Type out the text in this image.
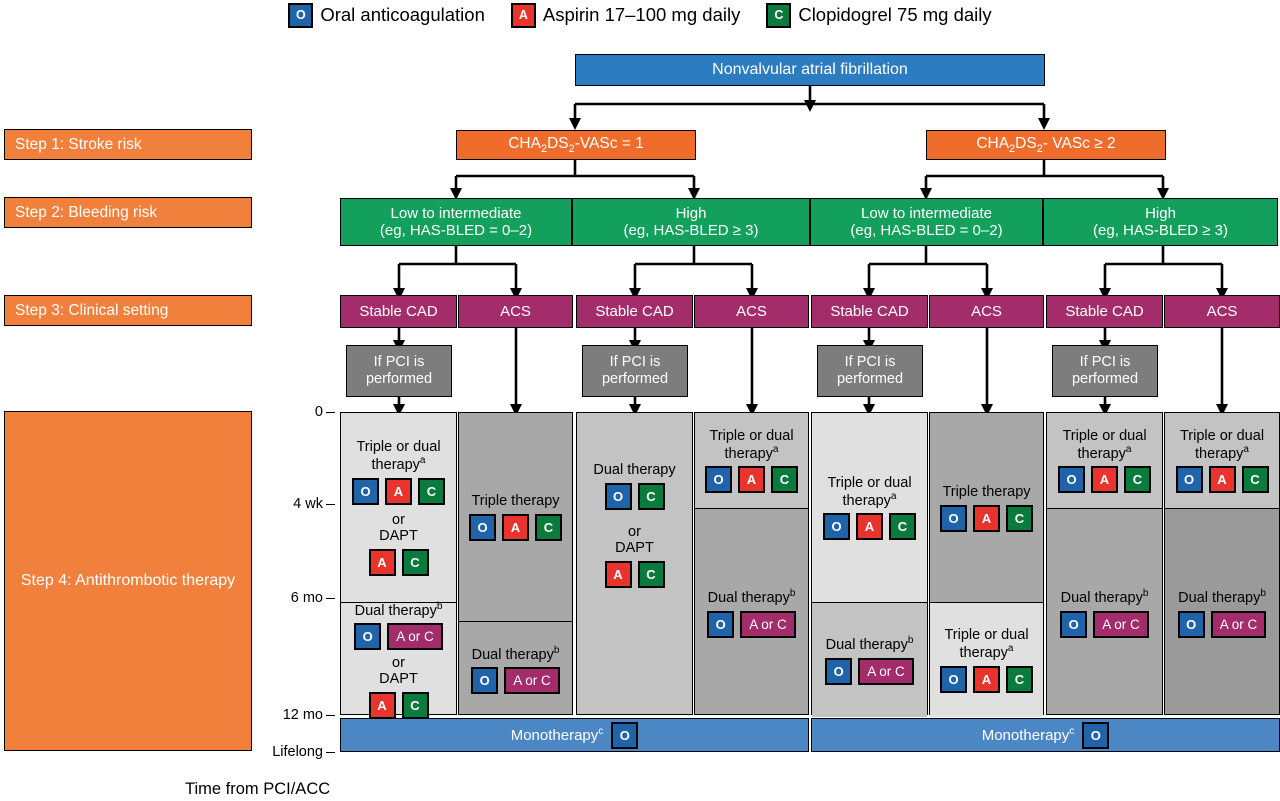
O Oral anticoagulation	A Aspirin 17–100 mg daily	C Clopidogrel 75 mg daily
Nonvalvular atrial fibrillation
Step 1: Stroke risk
Step 2: Bleeding risk
Step 3: Clinical setting
Step 4: Antithrombotic therapy
$CHA_2DS_2$-VASc = 1	$CHA_2DS_2-$ VASc ≥ 2
Low to intermediate
(eg, HAS-BLED = 0–2)
High
(eg, HAS-BLED ≥ 3)
Low to intermediate
(eg, HAS-BLED = 0–2)
High
(eg, HAS-BLED ≥ 3)
Stable CAD	ACS	Stable CAD	ACS	Stable CAD	ACS	Stable CAD	ACS
If PCI is
performed
If PCI is
performed
If PCI is
performed
If PCI is
performed
0
4 wk
6 mo
12 mo
Lifelong
Time from PCI/ACC
Triple or dual therapy$^a$
O	A	C
or
DAPT
A	C
Dual therapy$^b$
O	A or C
or
DAPT
A	C
Triple therapy
O	A	C
Dual therapy$^b$
O	A or C
Dual therapy
O	C
or
DAPT
A	C
Triple or dual therapy$^a$
O	A	C
Dual therapy$^b$
O	A or C
Triple or dual therapy$^a$
O	A	C
Dual therapy$^b$
O	A or C
Triple therapy
O	A	C
Triple or dual therapy$^a$
O	A	C
Triple or dual therapy$^a$
O	A	C
Dual therapy$^b$
O	A or C
Triple or dual therapy$^a$
O	A	C
Dual therapy$^b$
O	A or C
Monotherapy$^c$	O	Monotherapy$^c$	O
